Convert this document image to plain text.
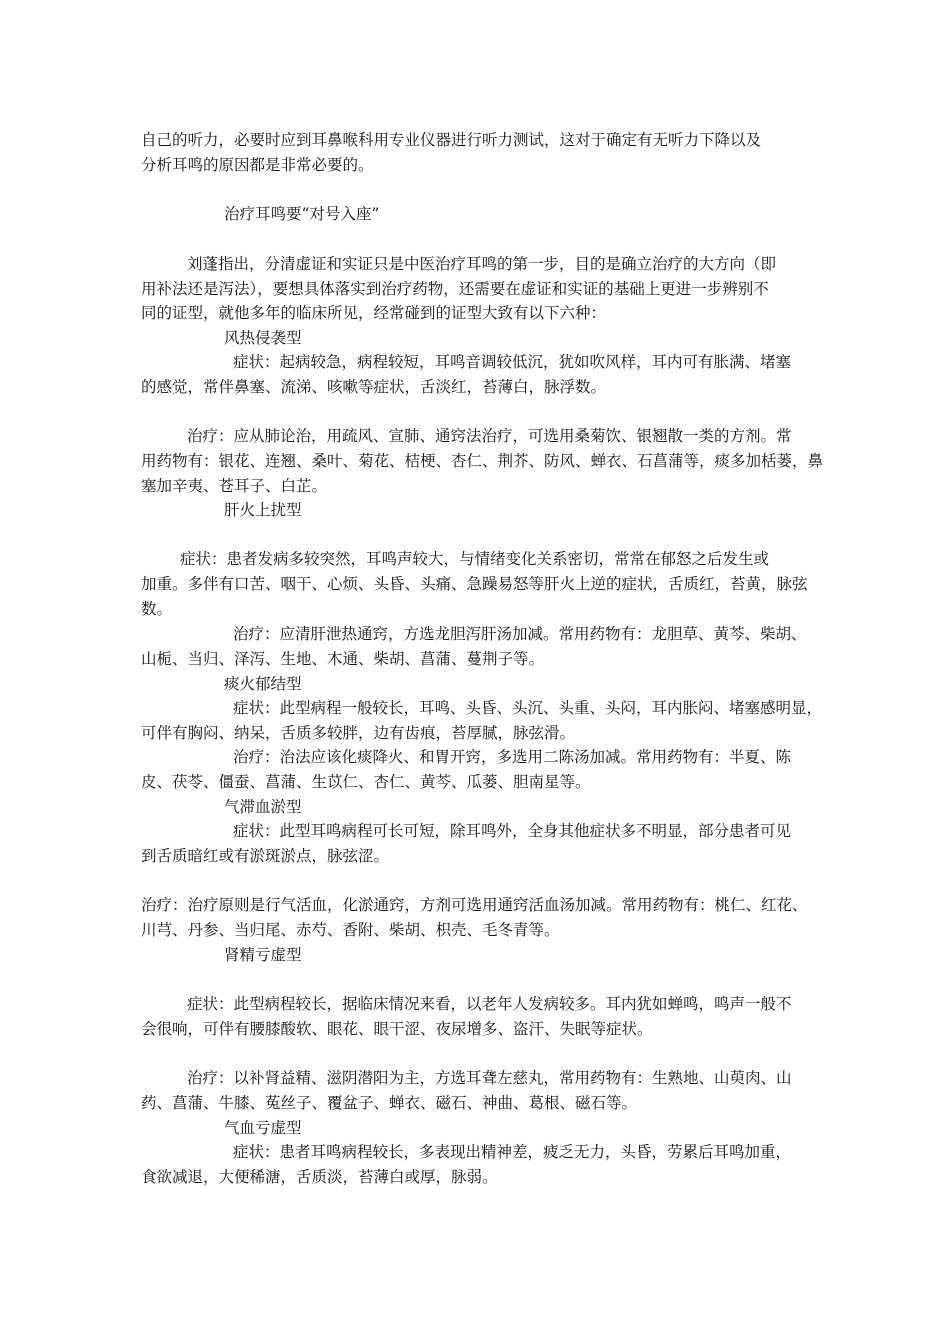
自己的听力，必要时应到耳鼻喉科用专业仪器进行听力测试，这对于确定有无听力下降以及
分析耳鸣的原因都是非常必要的。
治疗耳鸣要“对号入座”
刘蓬指出，分清虚证和实证只是中医治疗耳鸣的第一步，目的是确立治疗的大方向（即
用补法还是泻法），要想具体落实到治疗药物，还需要在虚证和实证的基础上更进一步辨别不
同的证型，就他多年的临床所见，经常碰到的证型大致有以下六种：
风热侵袭型
症状：起病较急，病程较短，耳鸣音调较低沉，犹如吹风样，耳内可有胀满、堵塞
的感觉，常伴鼻塞、流涕、咳嗽等症状，舌淡红，苔薄白，脉浮数。
治疗：应从肺论治，用疏风、宣肺、通窍法治疗，可选用桑菊饮、银翘散一类的方剂。常
用药物有：银花、连翘、桑叶、菊花、桔梗、杏仁、荆芥、防风、蝉衣、石菖蒲等，痰多加栝蒌，鼻
塞加辛夷、苍耳子、白芷。
肝火上扰型
症状：患者发病多较突然，耳鸣声较大，与情绪变化关系密切，常常在郁怒之后发生或
加重。多伴有口苦、咽干、心烦、头昏、头痛、急躁易怒等肝火上逆的症状，舌质红，苔黄，脉弦
数。
治疗：应清肝泄热通窍，方选龙胆泻肝汤加减。常用药物有：龙胆草、黄芩、柴胡、
山栀、当归、泽泻、生地、木通、柴胡、菖蒲、蔓荆子等。
痰火郁结型
症状：此型病程一般较长，耳鸣、头昏、头沉、头重、头闷，耳内胀闷、堵塞感明显，
可伴有胸闷、纳呆，舌质多较胖，边有齿痕，苔厚腻，脉弦滑。
治疗：治法应该化痰降火、和胃开窍，多选用二陈汤加减。常用药物有：半夏、陈
皮、茯苓、僵蚕、菖蒲、生苡仁、杏仁、黄芩、瓜蒌、胆南星等。
气滞血淤型
症状：此型耳鸣病程可长可短，除耳鸣外，全身其他症状多不明显，部分患者可见
到舌质暗红或有淤斑淤点，脉弦涩。
治疗：治疗原则是行气活血，化淤通窍，方剂可选用通窍活血汤加减。常用药物有：桃仁、红花、
川芎、丹参、当归尾、赤芍、香附、柴胡、枳壳、毛冬青等。
肾精亏虚型
症状：此型病程较长，据临床情况来看，以老年人发病较多。耳内犹如蝉鸣，鸣声一般不
会很响，可伴有腰膝酸软、眼花、眼干涩、夜尿增多、盗汗、失眠等症状。
治疗：以补肾益精、滋阴潜阳为主，方选耳聋左慈丸，常用药物有：生熟地、山萸肉、山
药、菖蒲、牛膝、菟丝子、覆盆子、蝉衣、磁石、神曲、葛根、磁石等。
气血亏虚型
症状：患者耳鸣病程较长，多表现出精神差，疲乏无力，头昏，劳累后耳鸣加重，
食欲减退，大便稀溏，舌质淡，苔薄白或厚，脉弱。
